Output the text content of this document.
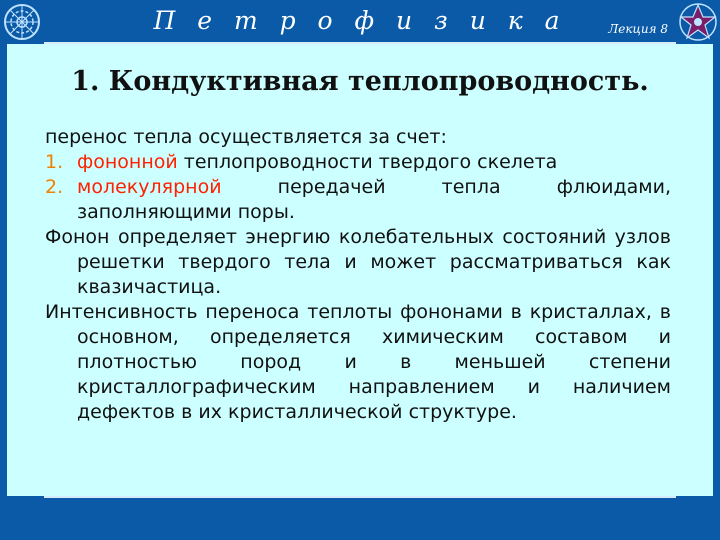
П е т р о ф и з и к а	Лекция 8
1. Кондуктивная теплопроводность.

перенос тепла осуществляется за счет:

1. фононной теплопроводности твердого скелета

2. молекулярной передачей тепла флюидами, заполняющими поры.

Фонон определяет энергию колебательных состояний узлов решетки твердого тела и может рассматриваться как квазичастица.

Интенсивность переноса теплоты фононами в кристаллах, в основном, определяется химическим составом и плотностью пород и в меньшей степени кристаллографическим направлением и наличием дефектов в их кристаллической структуре.
